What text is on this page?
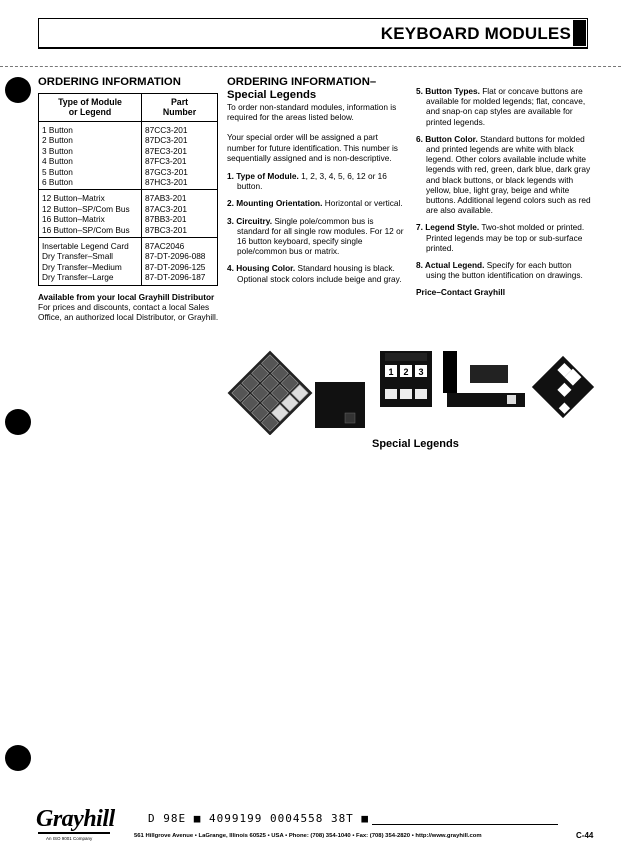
KEYBOARD MODULES
ORDERING INFORMATION
Type of Module
or Legend	Part
Number
1 Button	87CC3-201
2 Button	87DC3-201
3 Button	87EC3-201
4 Button	87FC3-201
5 Button	87GC3-201
6 Button	87HC3-201
12 Button–Matrix	87AB3-201
12 Button–SP/Com Bus	87AC3-201
16 Button–Matrix	87BB3-201
16 Button–SP/Com Bus	87BC3-201
Insertable Legend Card	87AC2046
Dry Transfer–Small	87-DT-2096-088
Dry Transfer–Medium	87-DT-2096-125
Dry Transfer–Large	87-DT-2096-187
Available from your local Grayhill Distributor

For prices and discounts, contact a local Sales Office, an authorized local Distributor, or Grayhill.

ORDERING INFORMATION–
Special Legends

To order non-standard modules, information is required for the areas listed below.

Your special order will be assigned a part number for future identification. This number is sequentially assigned and is non-descriptive.

1. Type of Module. 1, 2, 3, 4, 5, 6, 12 or 16 button.

2. Mounting Orientation. Horizontal or vertical.

3. Circuitry. Single pole/common bus is standard for all single row modules. For 12 or 16 button keyboard, specify single pole/common bus or matrix.

4. Housing Color. Standard housing is black. Optional stock colors include beige and gray.

5. Button Types. Flat or concave buttons are available for molded legends; flat, concave, and snap-on cap styles are available for printed legends.

6. Button Color. Standard buttons for molded and printed legends are white with black legend. Other colors available include white legends with red, green, dark blue, dark gray and black buttons, or black legends with yellow, blue, light gray, beige and white buttons. Additional legend colors such as red are also available.

7. Legend Style. Two-shot molded or printed. Printed legends may be top or sub-surface printed.

8. Actual Legend. Specify for each button using the button identification on drawings.

Price–Contact Grayhill

1 2 3
Special Legends
Grayhill
An ISO 9001 Company
D 98E ■ 4099199 0004558 38T ■
561 Hillgrove Avenue • LaGrange, Illinois 60525 • USA • Phone: (708) 354-1040 • Fax: (708) 354-2820 • http://www.grayhill.com	C-44
